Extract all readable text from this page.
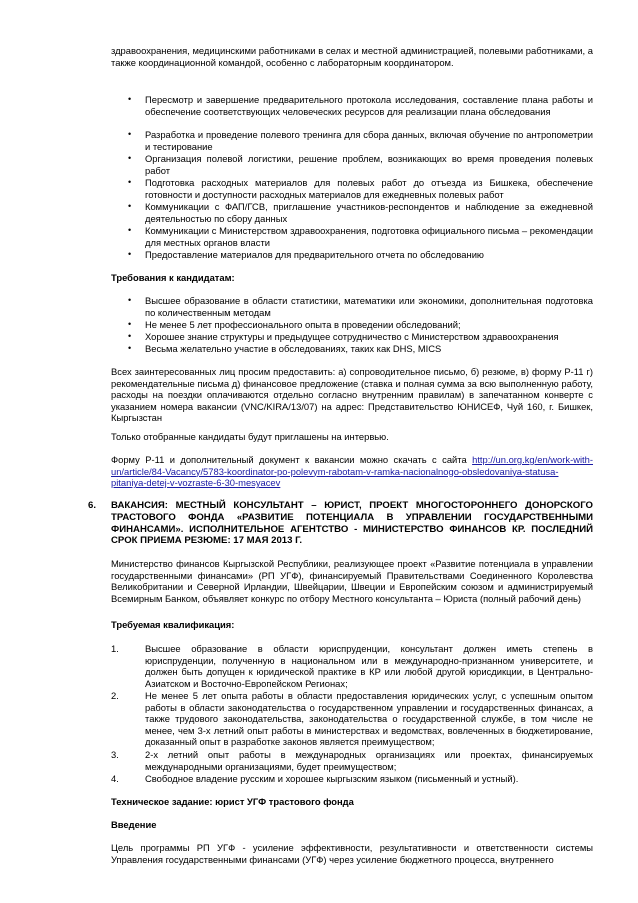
здравоохранения, медицинскими работниками в селах и местной администрацией, полевыми работниками, а также координационной командой, особенно с лабораторным координатором.

• Пересмотр и завершение предварительного протокола исследования, составление плана работы и обеспечение соответствующих человеческих ресурсов для реализации плана обследования

• Разработка и проведение полевого тренинга для сбора данных, включая обучение по антропометрии и тестирование

• Организация полевой логистики, решение проблем, возникающих во время проведения полевых работ

• Подготовка расходных материалов для полевых работ до отъезда из Бишкека, обеспечение готовности и доступности расходных материалов для ежедневных полевых работ

• Коммуникации с ФАП/ГСВ, приглашение участников-респондентов и наблюдение за ежедневной деятельностью по сбору данных

• Коммуникации с Министерством здравоохранения, подготовка официального письма – рекомендации для местных органов власти

• Предоставление материалов для предварительного отчета по обследованию

Требования к кандидатам:

• Высшее образование в области статистики, математики или экономики, дополнительная подготовка по количественным методам

• Не менее 5 лет профессионального опыта в проведении обследований;

• Хорошее знание структуры и предыдущее сотрудничество с Министерством здравоохранения

• Весьма желательно участие в обследованиях, таких как DHS, MICS

Всех заинтересованных лиц просим предоставить: а) сопроводительное письмо, б) резюме, в) форму Р-11 г) рекомендательные письма д) финансовое предложение (ставка и полная сумма за всю выполненную работу, расходы на поездки оплачиваются отдельно согласно внутренним правилам) в запечатанном конверте с указанием номера вакансии (VNC/KIRA/13/07) на адрес: Представительство ЮНИСЕФ, Чуй 160, г. Бишкек, Кыргызстан

Только отобранные кандидаты будут приглашены на интервью.

Форму Р-11 и дополнительный документ к вакансии можно скачать с сайта http://un.org.kg/en/work-with-un/article/84-Vacancy/5783-koordinator-po-polevym-rabotam-v-ramka-nacionalnogo-obsledovaniya-statusa-pitaniya-detej-v-vozraste-6-30-mesyacev

6. ВАКАНСИЯ: МЕСТНЫЙ КОНСУЛЬТАНТ – ЮРИСТ, ПРОЕКТ МНОГОСТОРОННЕГО ДОНОРСКОГО ТРАСТОВОГО ФОНДА «РАЗВИТИЕ ПОТЕНЦИАЛА В УПРАВЛЕНИИ ГОСУДАРСТВЕННЫМИ ФИНАНСАМИ». ИСПОЛНИТЕЛЬНОЕ АГЕНТСТВО - МИНИСТЕРСТВО ФИНАНСОВ КР. ПОСЛЕДНИЙ СРОК ПРИЕМА РЕЗЮМЕ: 17 МАЯ 2013 Г.

Министерство финансов Кыргызской Республики, реализующее проект «Развитие потенциала в управлении государственными финансами» (РП УГФ), финансируемый Правительствами Соединенного Королевства Великобритании и Северной Ирландии, Швейцарии, Швеции и Европейским союзом и администрируемый Всемирным Банком, объявляет конкурс по отбору Местного консультанта – Юриста (полный рабочий день)

Требуемая квалификация:

1.	Высшее образование в области юриспруденции, консультант должен иметь степень в юриспруденции, полученную в национальном или в международно-признанном университете, и должен быть допущен к юридической практике в КР или любой другой юрисдикции, в Центрально-Азиатском и Восточно-Европейском Регионах;

2.	Не менее 5 лет опыта работы в области предоставления юридических услуг, с успешным опытом работы в области законодательства о государственном управлении и государственных финансах, а также трудового законодательства, законодательства о государственной службе, в том числе не менее, чем 3-х летний опыт работы в министерствах и ведомствах, вовлеченных в бюджетирование, доказанный опыт в разработке законов является преимуществом;

3.	2-х летний опыт работы в международных организациях или проектах, финансируемых международными организациями, будет преимуществом;

4.	Свободное владение русским и хорошее кыргызским языком (письменный и устный).

Техническое задание: юрист УГФ трастового фонда

Введение

Цель программы РП УГФ - усиление эффективности, результативности и ответственности системы Управления государственными финансами (УГФ) через усиление бюджетного процесса, внутреннего
